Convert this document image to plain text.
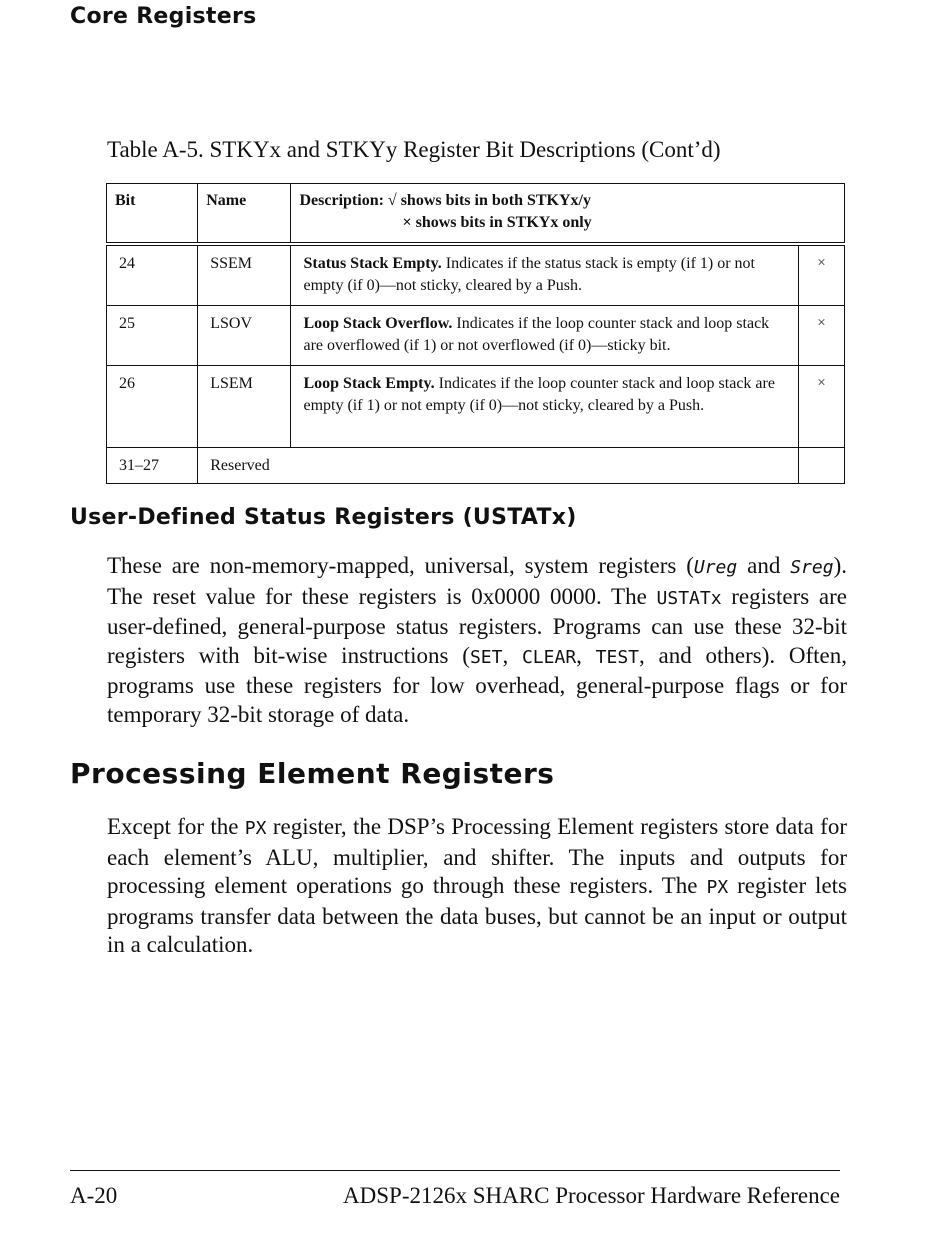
Core Registers
Table A-5. STKYx and STKYy Register Bit Descriptions (Cont’d)
Bit	Name	Description: √ shows bits in both STKYx/y
× shows bits in STKYx only	

24	SSEM	Status Stack Empty. Indicates if the status stack is empty (if 1) or not empty (if 0)—not sticky, cleared by a Push.	×
25	LSOV	Loop Stack Overflow. Indicates if the loop counter stack and loop stack are overflowed (if 1) or not overflowed (if 0)—sticky bit.	×
26	LSEM	Loop Stack Empty. Indicates if the loop counter stack and loop stack are empty (if 1) or not empty (if 0)—not sticky, cleared by a Push.	×
31–27	Reserved		
User-Defined Status Registers (USTATx)
These are non-memory-mapped, universal, system registers (Ureg and Sreg). The reset value for these registers is 0x0000 0000. The USTATx registers are user-defined, general-purpose status registers. Programs can use these 32-bit registers with bit-wise instructions (SET, CLEAR, TEST, and others). Often, programs use these registers for low overhead, general-purpose flags or for temporary 32-bit storage of data.
Processing Element Registers
Except for the PX register, the DSP’s Processing Element registers store data for each element’s ALU, multiplier, and shifter. The inputs and outputs for processing element operations go through these registers. The PX register lets programs transfer data between the data buses, but cannot be an input or output in a calculation.
A-20	ADSP-2126x SHARC Processor Hardware Reference
